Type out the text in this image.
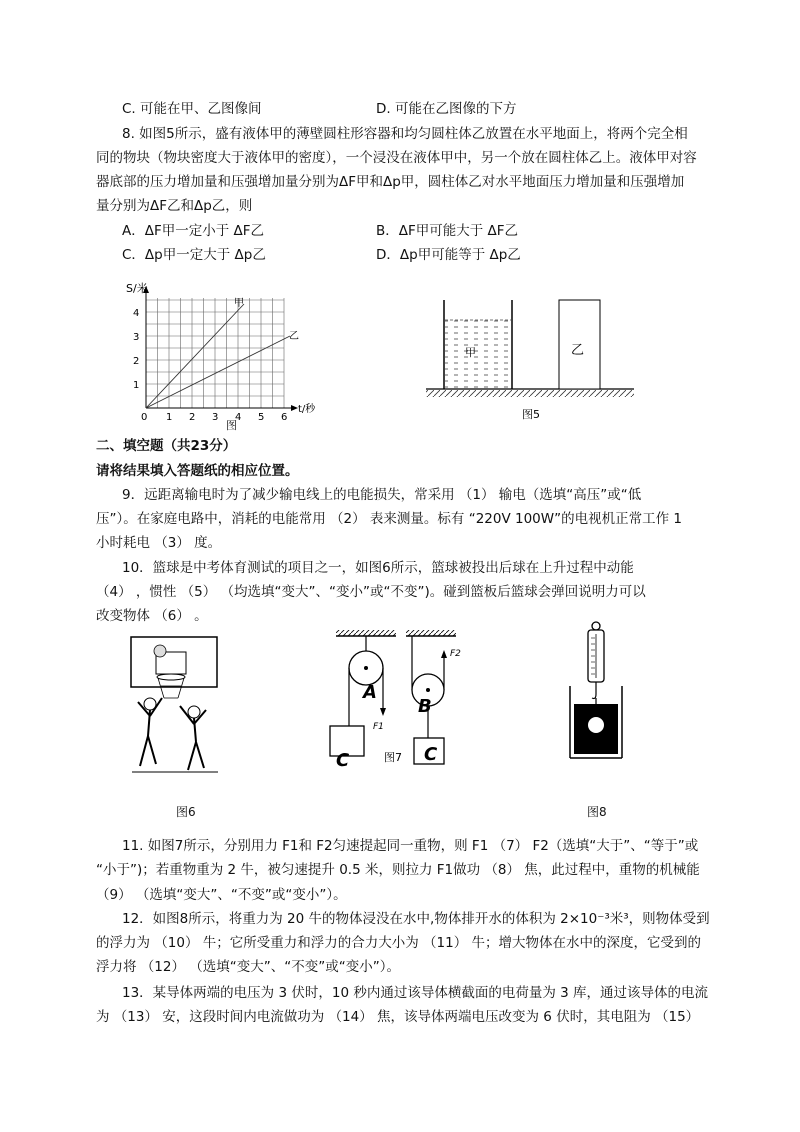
C. 可能在甲、乙图像间	D. 可能在乙图像的下方
8. 如图5所示，盛有液体甲的薄壁圆柱形容器和均匀圆柱体乙放置在水平地面上，将两个完全相
同的物块（物块密度大于液体甲的密度），一个浸没在液体甲中，另一个放在圆柱体乙上。液体甲对容
器底部的压力增加量和压强增加量分别为ΔF甲和Δp甲，圆柱体乙对水平地面压力增加量和压强增加
量分别为ΔF乙和Δp乙，则
A．ΔF甲一定小于 ΔF乙	B．ΔF甲可能大于 ΔF乙
C．Δp甲一定大于 Δp乙	D．Δp甲可能等于 Δp乙
S/米
t/秒
甲
乙
1
2
3
4
0 1 2 3 4 5 6
图
甲	乙
图5
二、填空题（共23分）
请将结果填入答题纸的相应位置。
9．远距离输电时为了减少输电线上的电能损失，常采用 （1） 输电（选填“高压”或“低
压”）。在家庭电路中，消耗的电能常用 （2） 表来测量。标有 “220V 100W”的电视机正常工作 1
小时耗电 （3） 度。
10．篮球是中考体育测试的项目之一，如图6所示，篮球被投出后球在上升过程中动能
（4） ，惯性 （5） （均选填“变大”、“变小”或“不变”)。碰到篮板后篮球会弹回说明力可以
改变物体 （6） 。
图6
A
C
F1
B
C
F2
图7
图8
11. 如图7所示，分别用力 F1和 F2匀速提起同一重物，则 F1 （7） F2（选填“大于”、“等于”或
“小于”)；若重物重为 2 牛，被匀速提升 0.5 米，则拉力 F1做功 （8） 焦，此过程中，重物的机械能
（9） （选填“变大”、“不变”或“变小”）。
12．如图8所示，将重力为 20 牛的物体浸没在水中,物体排开水的体积为 2×10⁻³米³，则物体受到
的浮力为 （10） 牛；它所受重力和浮力的合力大小为 （11） 牛；增大物体在水中的深度，它受到的
浮力将 （12） （选填“变大”、“不变”或“变小”）。
13．某导体两端的电压为 3 伏时，10 秒内通过该导体横截面的电荷量为 3 库，通过该导体的电流
为 （13） 安，这段时间内电流做功为 （14） 焦，该导体两端电压改变为 6 伏时，其电阻为 （15）
